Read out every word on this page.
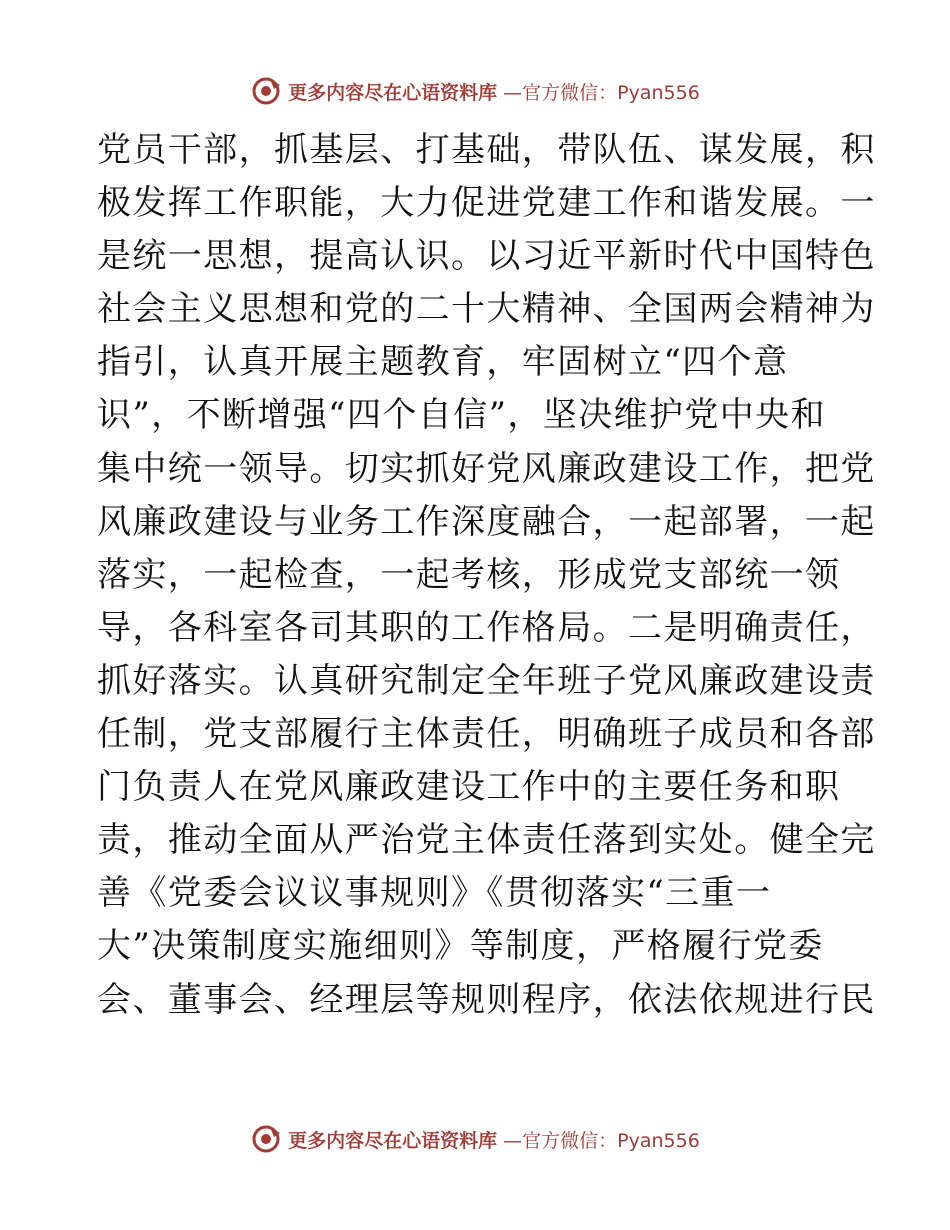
更多内容尽在心语资料库 —官方微信：Pyan556
党员干部，抓基层、打基础，带队伍、谋发展，积
极发挥工作职能，大力促进党建工作和谐发展。一
是统一思想，提高认识。以习近平新时代中国特色
社会主义思想和党的二十大精神、全国两会精神为
指引，认真开展主题教育，牢固树立“四个意
识”，不断增强“四个自信”，坚决维护党中央和
集中统一领导。切实抓好党风廉政建设工作，把党
风廉政建设与业务工作深度融合，一起部署，一起
落实，一起检查，一起考核，形成党支部统一领
导，各科室各司其职的工作格局。二是明确责任，
抓好落实。认真研究制定全年班子党风廉政建设责
任制，党支部履行主体责任，明确班子成员和各部
门负责人在党风廉政建设工作中的主要任务和职
责，推动全面从严治党主体责任落到实处。健全完
善《党委会议议事规则》《贯彻落实“三重一
大”决策制度实施细则》等制度，严格履行党委
会、董事会、经理层等规则程序，依法依规进行民
更多内容尽在心语资料库 —官方微信：Pyan556
